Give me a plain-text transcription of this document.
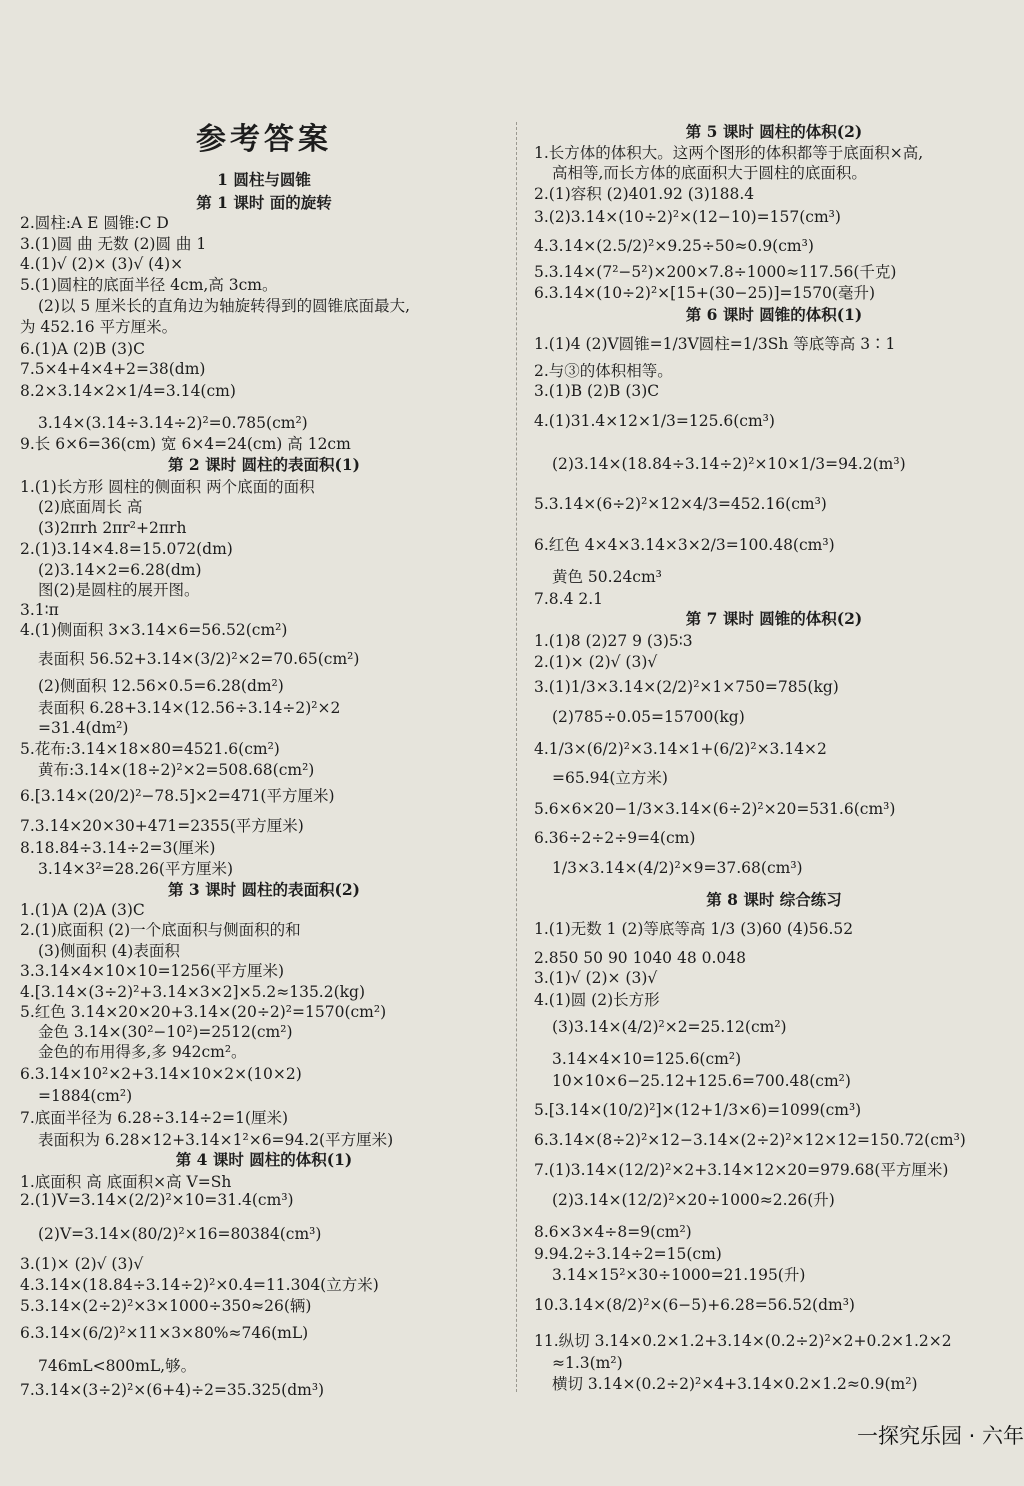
参考答案
1 圆柱与圆锥
第 1 课时 面的旋转
2.圆柱:A E 圆锥:C D
3.(1)圆 曲 无数 (2)圆 曲 1
4.(1)√ (2)× (3)√ (4)×
5.(1)圆柱的底面半径 4cm,高 3cm。
(2)以 5 厘米长的直角边为轴旋转得到的圆锥底面最大,
为 452.16 平方厘米。
6.(1)A (2)B (3)C
7.5×4+4×4+2=38(dm)
8.2×3.14×2×1/4=3.14(cm)
3.14×(3.14÷3.14÷2)²=0.785(cm²)
9.长 6×6=36(cm) 宽 6×4=24(cm) 高 12cm
第 2 课时 圆柱的表面积(1)
1.(1)长方形 圆柱的侧面积 两个底面的面积
(2)底面周长 高
(3)2πrh 2πr²+2πrh
2.(1)3.14×4.8=15.072(dm)
(2)3.14×2=6.28(dm)
图(2)是圆柱的展开图。
3.1∶π
4.(1)侧面积 3×3.14×6=56.52(cm²)
表面积 56.52+3.14×(3/2)²×2=70.65(cm²)
(2)侧面积 12.56×0.5=6.28(dm²)
表面积 6.28+3.14×(12.56÷3.14÷2)²×2
=31.4(dm²)
5.花布:3.14×18×80=4521.6(cm²)
黄布:3.14×(18÷2)²×2=508.68(cm²)
6.[3.14×(20/2)²−78.5]×2=471(平方厘米)
7.3.14×20×30+471=2355(平方厘米)
8.18.84÷3.14÷2=3(厘米)
3.14×3²=28.26(平方厘米)
第 3 课时 圆柱的表面积(2)
1.(1)A (2)A (3)C
2.(1)底面积 (2)一个底面积与侧面积的和
(3)侧面积 (4)表面积
3.3.14×4×10×10=1256(平方厘米)
4.[3.14×(3÷2)²+3.14×3×2]×5.2≈135.2(kg)
5.红色 3.14×20×20+3.14×(20÷2)²=1570(cm²)
金色 3.14×(30²−10²)=2512(cm²)
金色的布用得多,多 942cm²。
6.3.14×10²×2+3.14×10×2×(10×2)
=1884(cm²)
7.底面半径为 6.28÷3.14÷2=1(厘米)
表面积为 6.28×12+3.14×1²×6=94.2(平方厘米)
第 4 课时 圆柱的体积(1)
1.底面积 高 底面积×高 V=Sh
2.(1)V=3.14×(2/2)²×10=31.4(cm³)
(2)V=3.14×(80/2)²×16=80384(cm³)
3.(1)× (2)√ (3)√
4.3.14×(18.84÷3.14÷2)²×0.4=11.304(立方米)
5.3.14×(2÷2)²×3×1000÷350≈26(辆)
6.3.14×(6/2)²×11×3×80%≈746(mL)
746mL<800mL,够。
7.3.14×(3÷2)²×(6+4)÷2=35.325(dm³)
第 5 课时 圆柱的体积(2)
1.长方体的体积大。这两个图形的体积都等于底面积×高,
高相等,而长方体的底面积大于圆柱的底面积。
2.(1)容积 (2)401.92 (3)188.4
3.(2)3.14×(10÷2)²×(12−10)=157(cm³)
4.3.14×(2.5/2)²×9.25÷50≈0.9(cm³)
5.3.14×(7²−5²)×200×7.8÷1000≈117.56(千克)
6.3.14×(10÷2)²×[15+(30−25)]=1570(毫升)
第 6 课时 圆锥的体积(1)
1.(1)4 (2)V圆锥=1/3V圆柱=1/3Sh 等底等高 3∶1
2.与③的体积相等。
3.(1)B (2)B (3)C
4.(1)31.4×12×1/3=125.6(cm³)
(2)3.14×(18.84÷3.14÷2)²×10×1/3=94.2(m³)
5.3.14×(6÷2)²×12×4/3=452.16(cm³)
6.红色 4×4×3.14×3×2/3=100.48(cm³)
黄色 50.24cm³
7.8.4 2.1
第 7 课时 圆锥的体积(2)
1.(1)8 (2)27 9 (3)5∶3
2.(1)× (2)√ (3)√
3.(1)1/3×3.14×(2/2)²×1×750=785(kg)
(2)785÷0.05=15700(kg)
4.1/3×(6/2)²×3.14×1+(6/2)²×3.14×2
=65.94(立方米)
5.6×6×20−1/3×3.14×(6÷2)²×20=531.6(cm³)
6.36÷2÷2÷9=4(cm)
1/3×3.14×(4/2)²×9=37.68(cm³)
第 8 课时 综合练习
1.(1)无数 1 (2)等底等高 1/3 (3)60 (4)56.52
2.850 50 90 1040 48 0.048
3.(1)√ (2)× (3)√
4.(1)圆 (2)长方形
(3)3.14×(4/2)²×2=25.12(cm²)
3.14×4×10=125.6(cm²)
10×10×6−25.12+125.6=700.48(cm²)
5.[3.14×(10/2)²]×(12+1/3×6)=1099(cm³)
6.3.14×(8÷2)²×12−3.14×(2÷2)²×12×12=150.72(cm³)
7.(1)3.14×(12/2)²×2+3.14×12×20=979.68(平方厘米)
(2)3.14×(12/2)²×20÷1000≈2.26(升)
8.6×3×4÷8=9(cm²)
9.94.2÷3.14÷2=15(cm)
3.14×15²×30÷1000=21.195(升)
10.3.14×(8/2)²×(6−5)+6.28=56.52(dm³)
11.纵切 3.14×0.2×1.2+3.14×(0.2÷2)²×2+0.2×1.2×2
≈1.3(m²)
横切 3.14×(0.2÷2)²×4+3.14×0.2×1.2≈0.9(m²)
一探究乐园 · 六年
